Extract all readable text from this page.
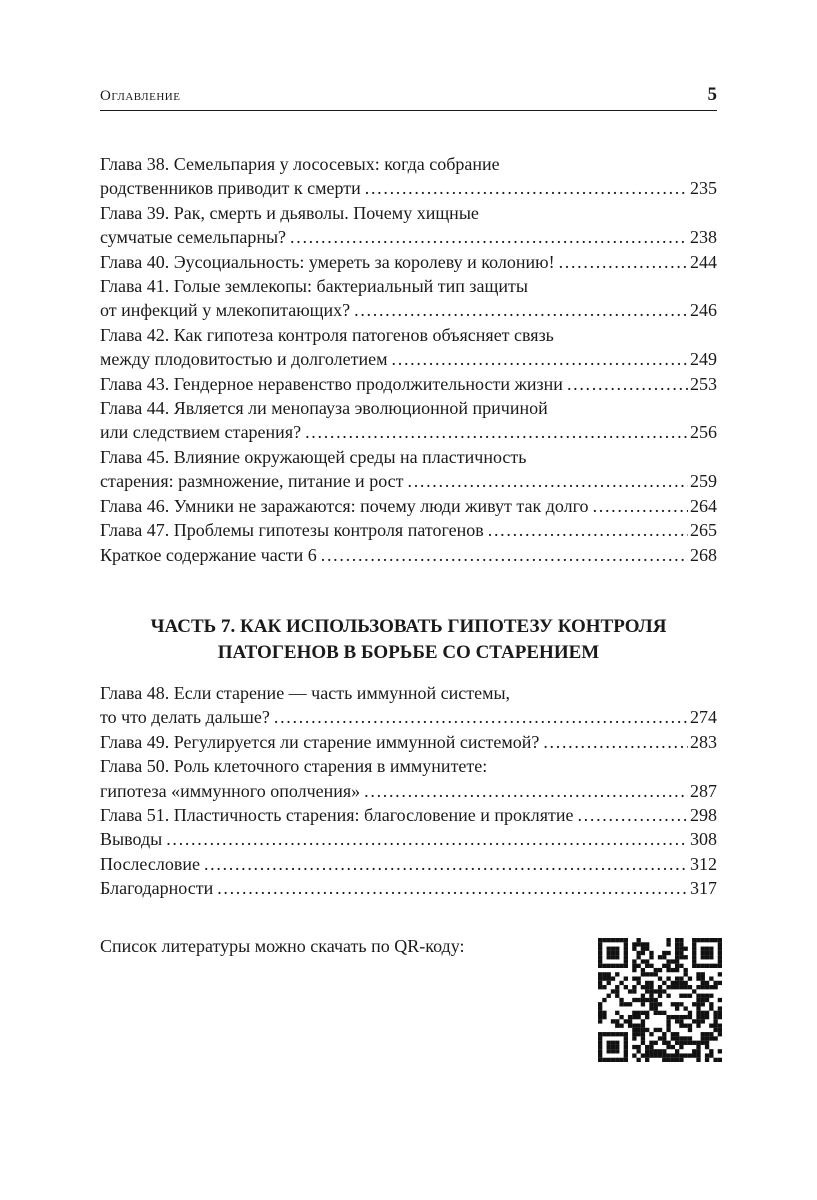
Оглавление	5
Глава 38. Семельпария у лососевых: когда собрание
родственников приводит к смерти . . .	235
Глава 39. Рак, смерть и дьяволы. Почему хищные
сумчатые семельпарны? . . .	238
Глава 40. Эусоциальность: умереть за королеву и колонию! . . .	244
Глава 41. Голые землекопы: бактериальный тип защиты
от инфекций у млекопитающих? . . .	246
Глава 42. Как гипотеза контроля патогенов объясняет связь
между плодовитостью и долголетием . . .	249
Глава 43. Гендерное неравенство продолжительности жизни . . .	253
Глава 44. Является ли менопауза эволюционной причиной
или следствием старения? . . .	256
Глава 45. Влияние окружающей среды на пластичность
старения: размножение, питание и рост . . .	259
Глава 46. Умники не заражаются: почему люди живут так долго . . .	264
Глава 47. Проблемы гипотезы контроля патогенов . . .	265
Краткое содержание части 6 . . .	268
ЧАСТЬ 7. КАК ИСПОЛЬЗОВАТЬ ГИПОТЕЗУ КОНТРОЛЯ
ПАТОГЕНОВ В БОРЬБЕ СО СТАРЕНИЕМ
Глава 48. Если старение — часть иммунной системы,
то что делать дальше? . . .	274
Глава 49. Регулируется ли старение иммунной системой? . . .	283
Глава 50. Роль клеточного старения в иммунитете:
гипотеза «иммунного ополчения» . . .	287
Глава 51. Пластичность старения: благословение и проклятие . . .	298
Выводы . . .	308
Послесловие . . .	312
Благодарности . . .	317
Список литературы можно скачать по QR-коду:
